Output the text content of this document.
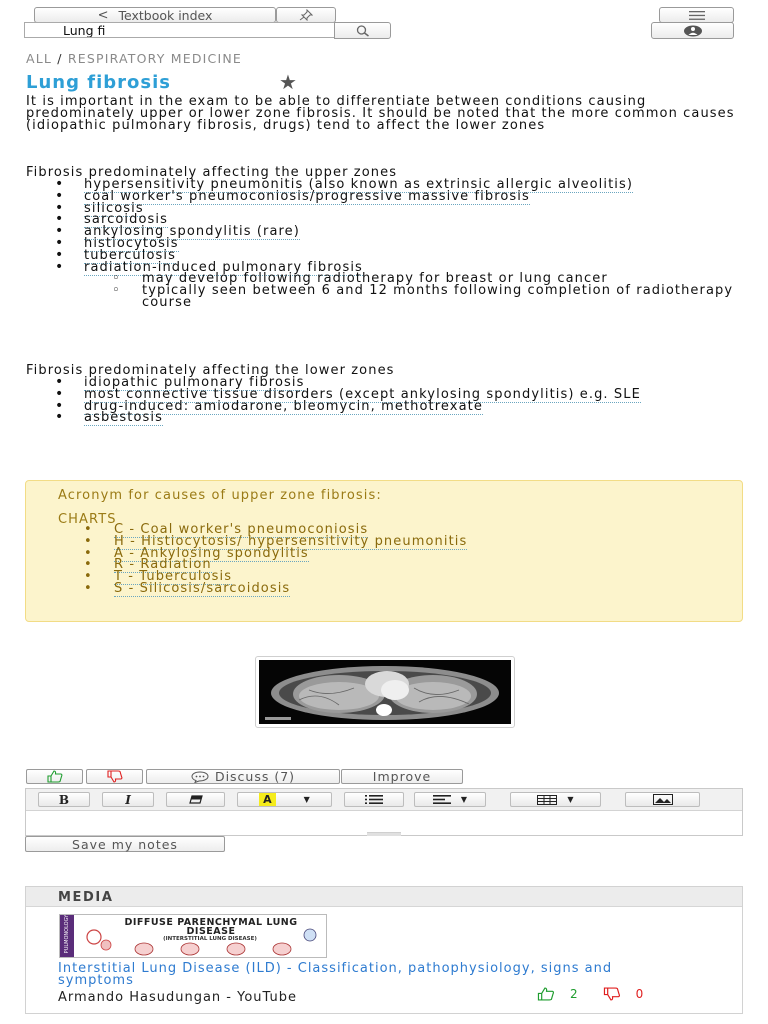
< Textbook index
Lung fi
ALL / RESPIRATORY MEDICINE
Lung fibrosis	★

It is important in the exam to be able to differentiate between conditions causing predominately upper or lower zone fibrosis. It should be noted that the more common causes (idiopathic pulmonary fibrosis, drugs) tend to affect the lower zones

Fibrosis predominately affecting the upper zones

• hypersensitivity pneumonitis (also known as extrinsic allergic alveolitis)
• coal worker's pneumoconiosis/progressive massive fibrosis
• silicosis
• sarcoidosis
• ankylosing spondylitis (rare)
• histiocytosis
• tuberculosis
• radiation-induced pulmonary fibrosis
◦ may develop following radiotherapy for breast or lung cancer
◦ typically seen between 6 and 12 months following completion of radiotherapy course

Fibrosis predominately affecting the lower zones

• idiopathic pulmonary fibrosis
• most connective tissue disorders (except ankylosing spondylitis) e.g. SLE
• drug-induced: amiodarone, bleomycin, methotrexate
• asbestosis
Acronym for causes of upper zone fibrosis:
CHARTS
• C - Coal worker's pneumoconiosis
• H - Histiocytosis/ hypersensitivity pneumonitis
• A - Ankylosing spondylitis
• R - Radiation
• T - Tuberculosis
• S - Silicosis/sarcoidosis
Discuss (7)	Improve
B	I	A	▼	▼	▼
Save my notes
MEDIA
PULMONOLOGY	DIFFUSE PARENCHYMAL LUNG DISEASE
(INTERSTITIAL LUNG DISEASE)
Interstitial Lung Disease (ILD) - Classification, pathophysiology, signs and symptoms
Armando Hasudungan - YouTube	2	0
